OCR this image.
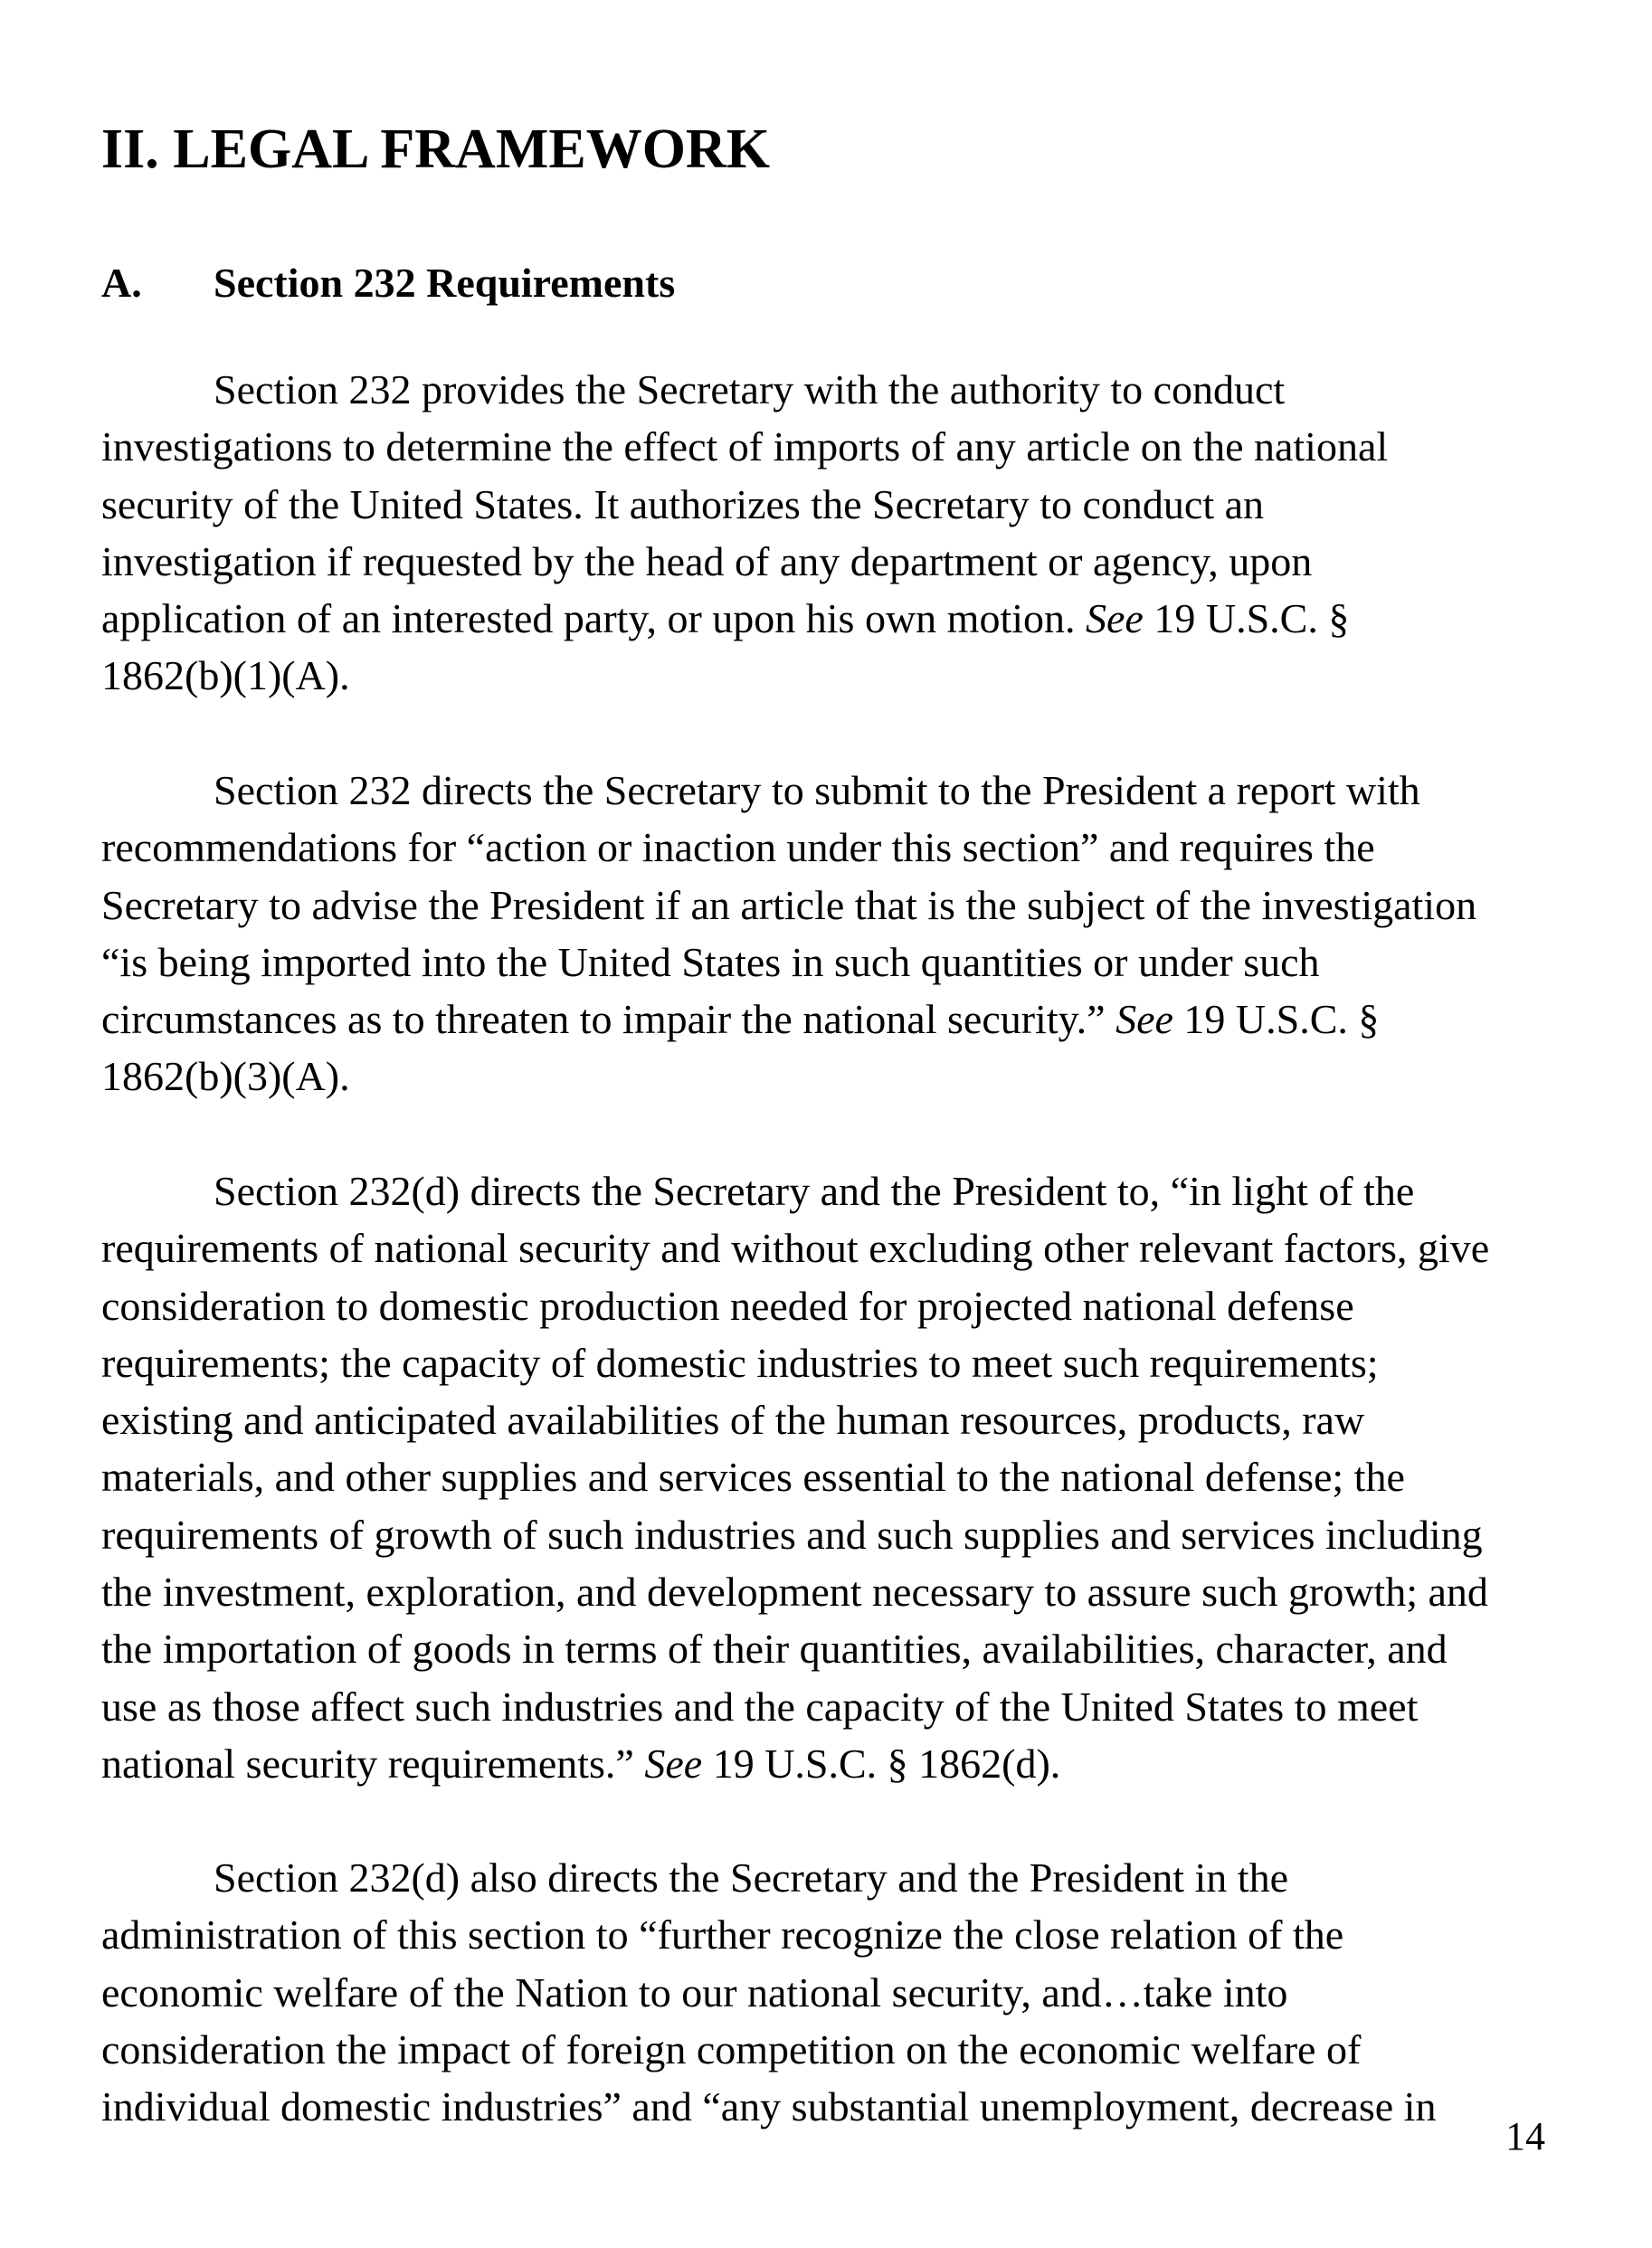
II. LEGAL FRAMEWORK
A. Section 232 Requirements
Section 232 provides the Secretary with the authority to conduct
investigations to determine the effect of imports of any article on the national
security of the United States. It authorizes the Secretary to conduct an
investigation if requested by the head of any department or agency, upon
application of an interested party, or upon his own motion. See 19 U.S.C. §
1862(b)(1)(A).
Section 232 directs the Secretary to submit to the President a report with
recommendations for “action or inaction under this section” and requires the
Secretary to advise the President if an article that is the subject of the investigation
“is being imported into the United States in such quantities or under such
circumstances as to threaten to impair the national security.” See 19 U.S.C. §
1862(b)(3)(A).
Section 232(d) directs the Secretary and the President to, “in light of the
requirements of national security and without excluding other relevant factors, give
consideration to domestic production needed for projected national defense
requirements; the capacity of domestic industries to meet such requirements;
existing and anticipated availabilities of the human resources, products, raw
materials, and other supplies and services essential to the national defense; the
requirements of growth of such industries and such supplies and services including
the investment, exploration, and development necessary to assure such growth; and
the importation of goods in terms of their quantities, availabilities, character, and
use as those affect such industries and the capacity of the United States to meet
national security requirements.” See 19 U.S.C. § 1862(d).
Section 232(d) also directs the Secretary and the President in the
administration of this section to “further recognize the close relation of the
economic welfare of the Nation to our national security, and…take into
consideration the impact of foreign competition on the economic welfare of
individual domestic industries” and “any substantial unemployment, decrease in
14
